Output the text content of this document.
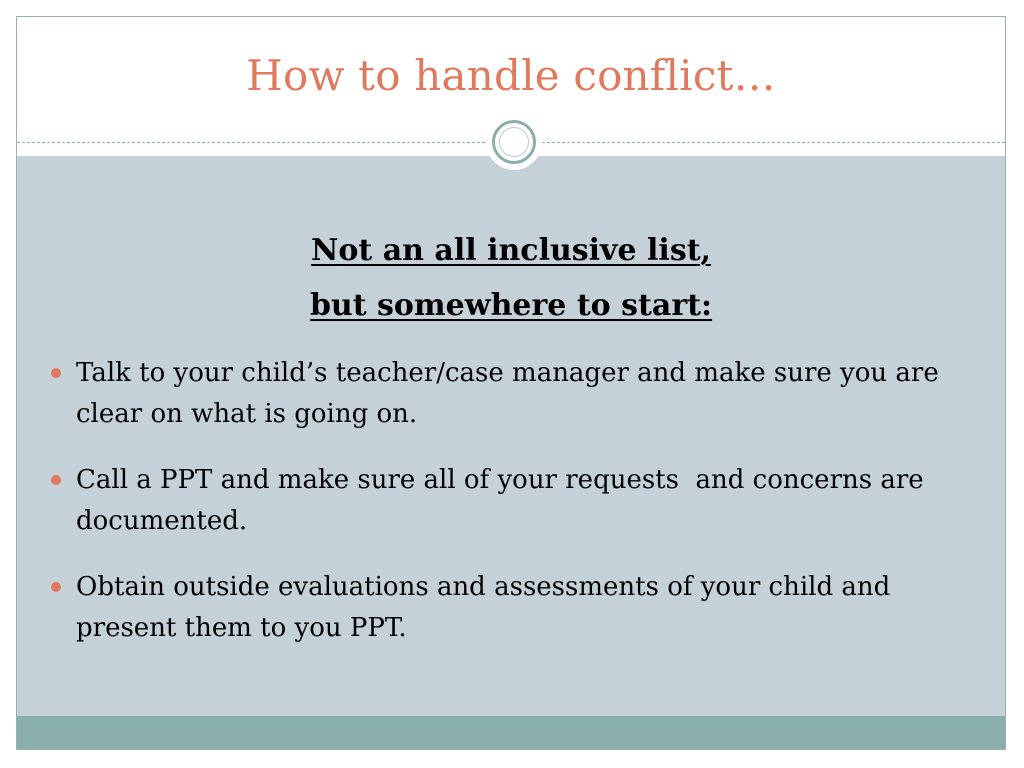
How to handle conflict…
Not an all inclusive list,
but somewhere to start:
Talk to your child’s teacher/case manager and make sure you are clear on what is going on.
Call a PPT and make sure all of your requests  and concerns are documented.
Obtain outside evaluations and assessments of your child and present them to you PPT.
